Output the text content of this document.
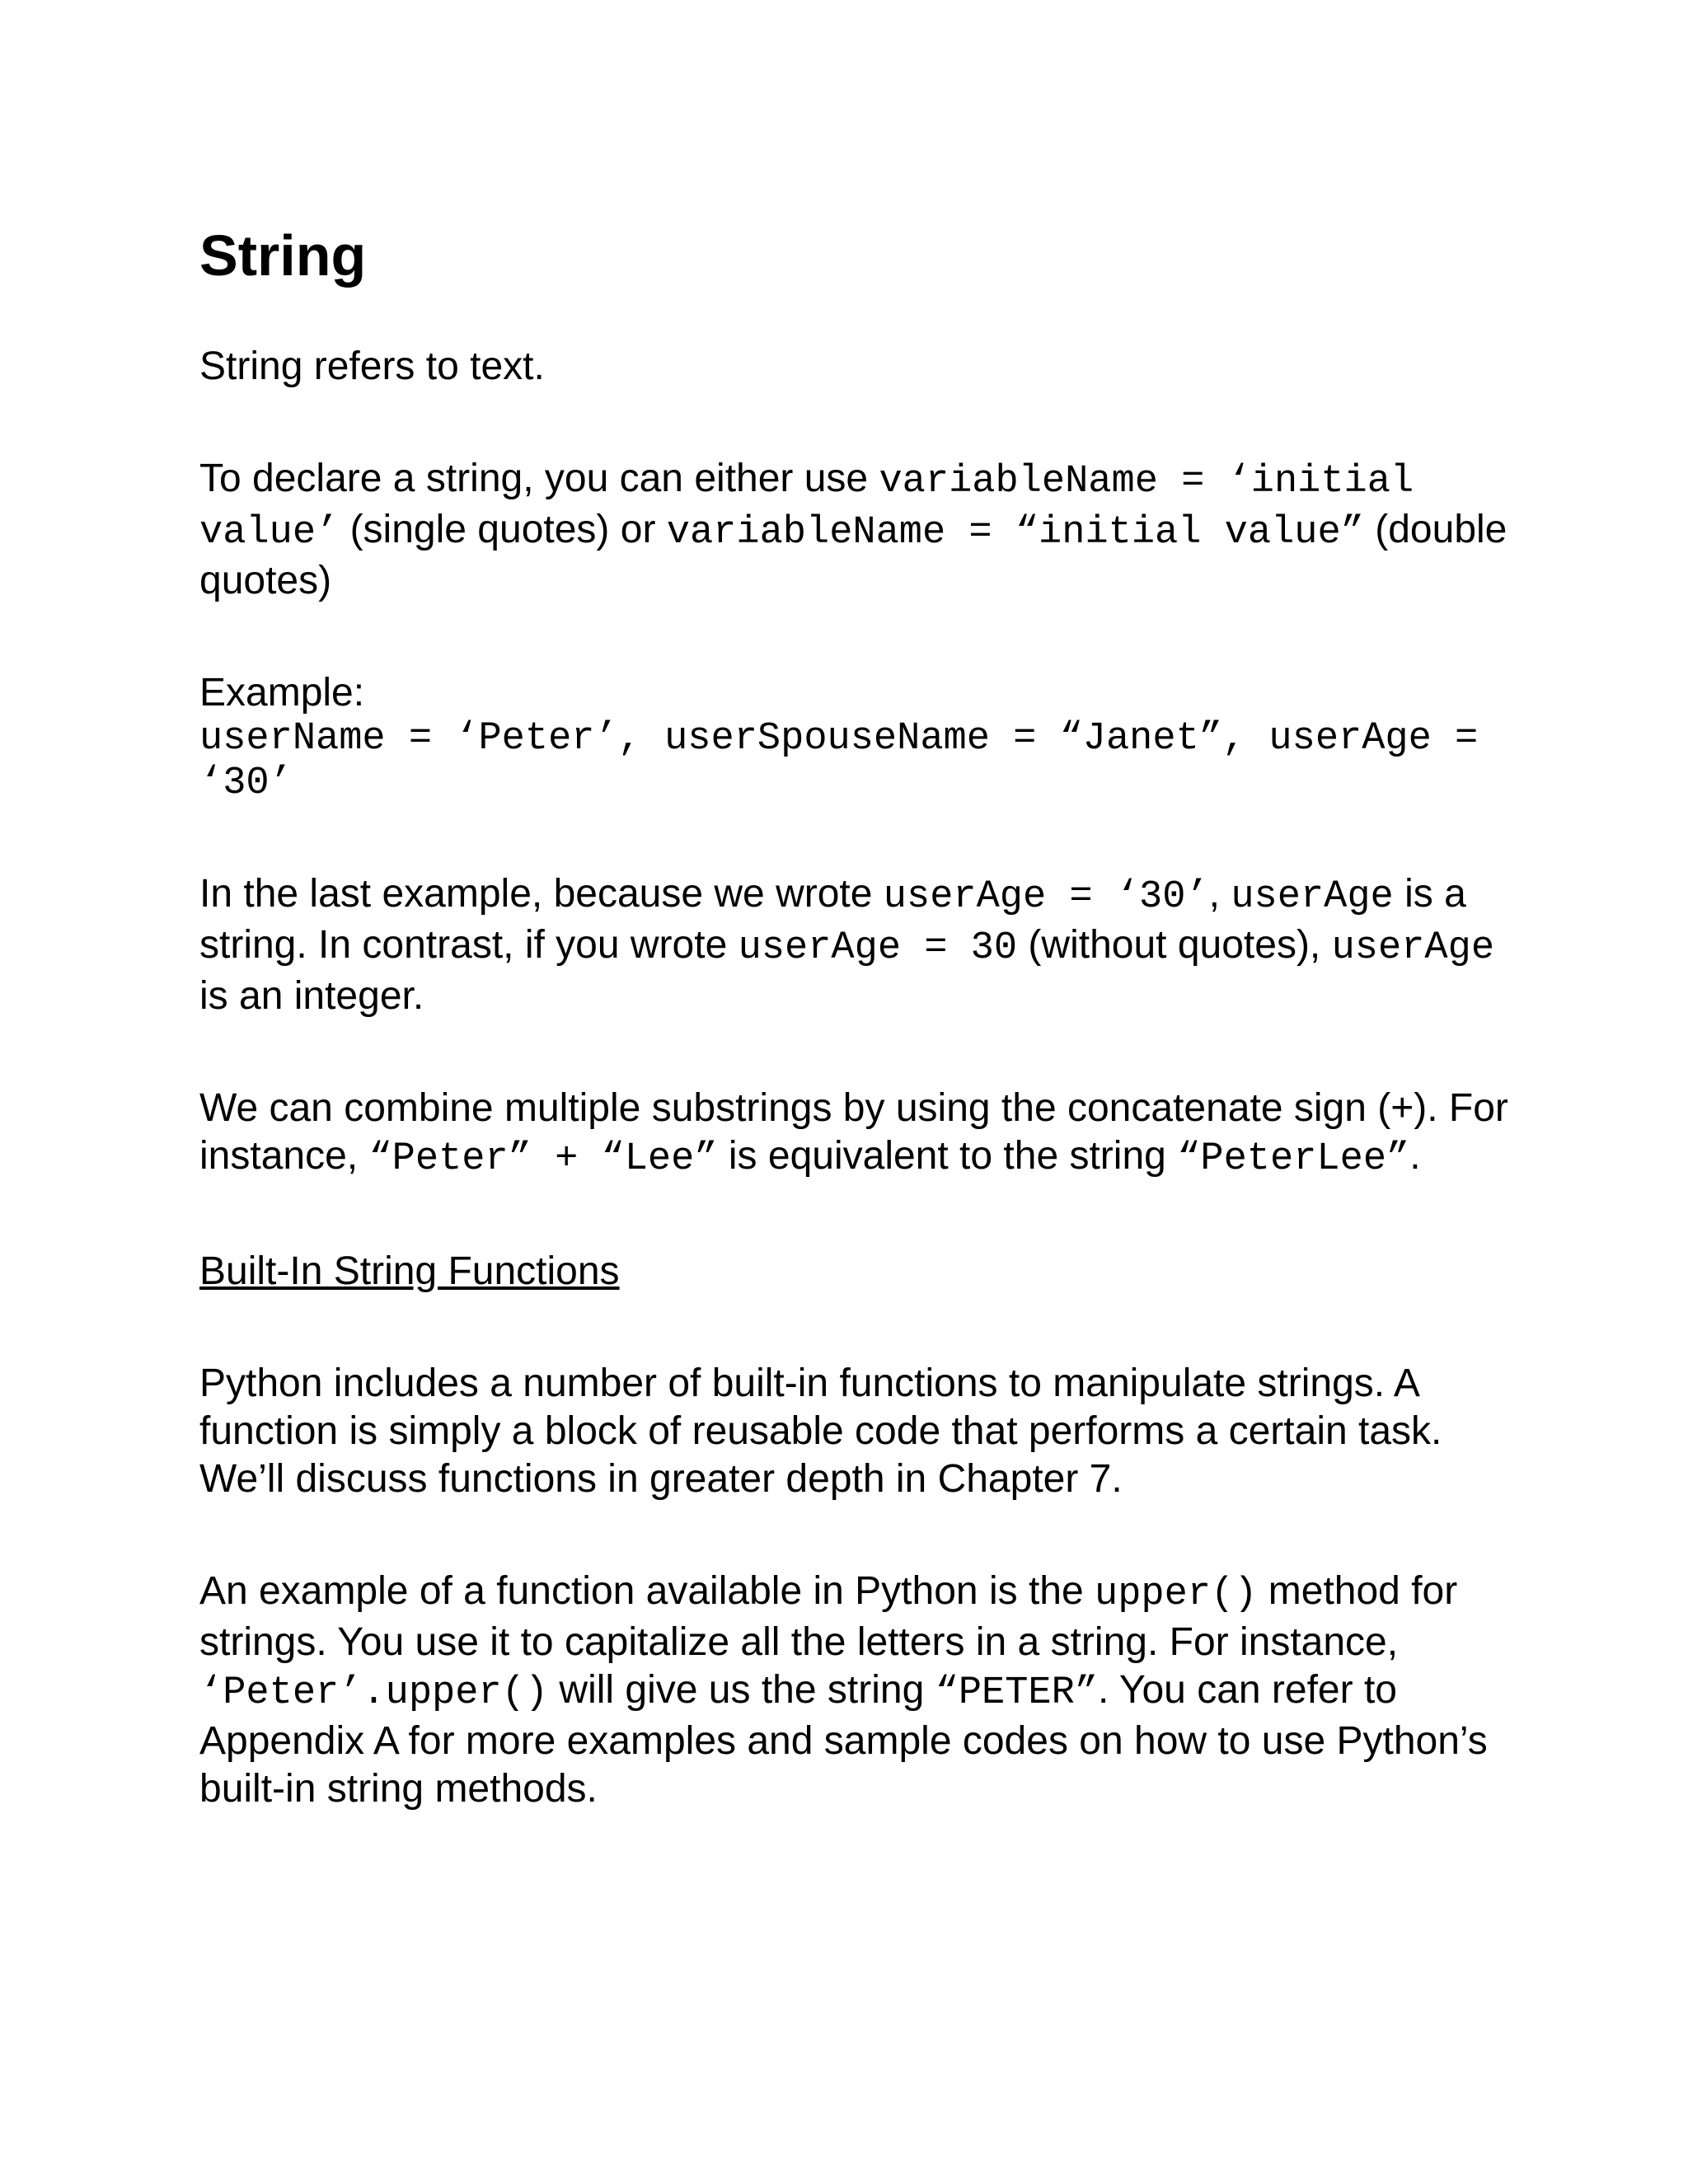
String

String refers to text.

To declare a string, you can either use variableName = ‘initial value’ (single quotes) or variableName = “initial value” (double quotes)

Example:
userName = ‘Peter’, userSpouseName = “Janet”, userAge = ‘30’

In the last example, because we wrote userAge = ‘30’, userAge is a string. In contrast, if you wrote userAge = 30 (without quotes), userAge is an integer.

We can combine multiple substrings by using the concatenate sign (+). For instance, “Peter” + “Lee” is equivalent to the string “PeterLee”.

Built-In String Functions

Python includes a number of built-in functions to manipulate strings. A function is simply a block of reusable code that performs a certain task. We’ll discuss functions in greater depth in Chapter 7.

An example of a function available in Python is the upper() method for strings. You use it to capitalize all the letters in a string. For instance, ‘Peter’.upper() will give us the string “PETER”. You can refer to Appendix A for more examples and sample codes on how to use Python’s built-in string methods.
